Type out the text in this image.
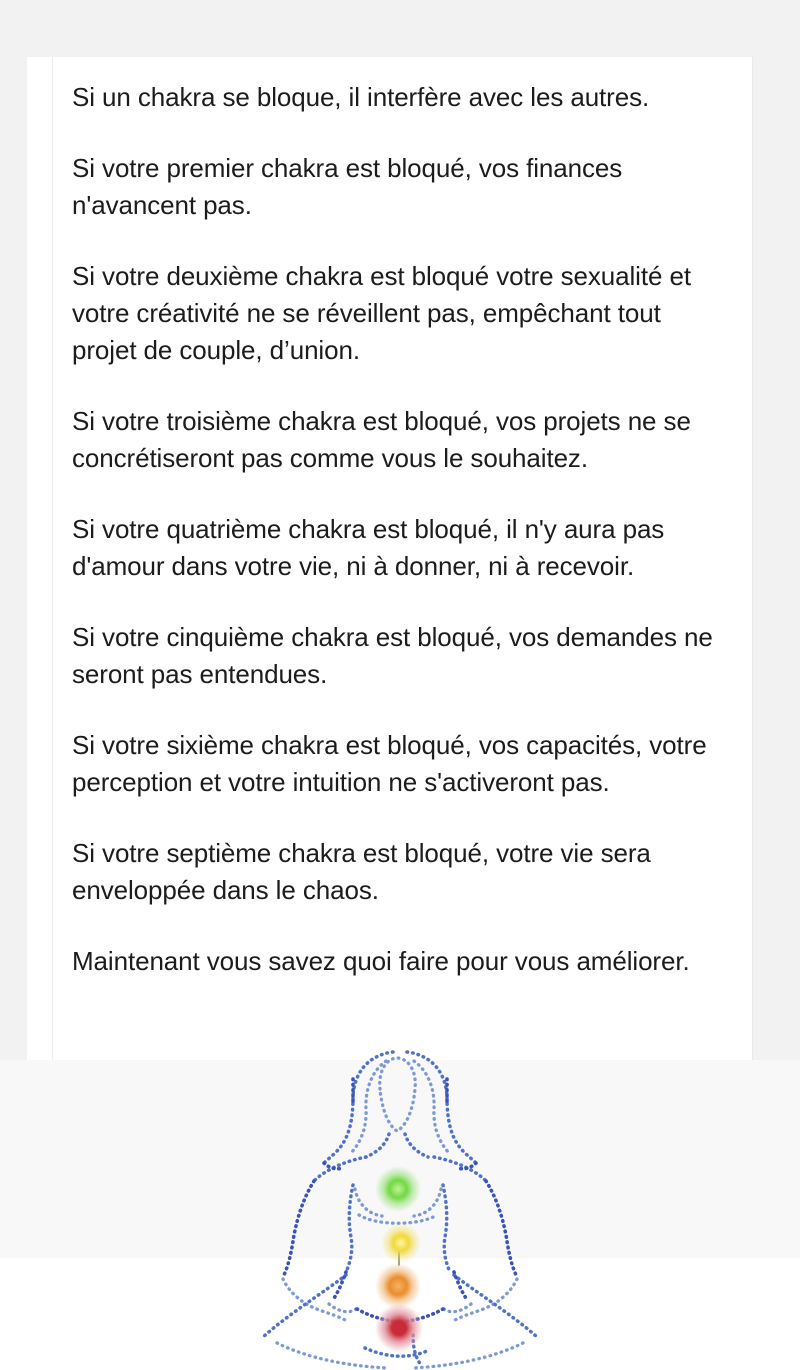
Si un chakra se bloque, il interfère avec les autres.

Si votre premier chakra est bloqué, vos finances n'avancent pas.

Si votre deuxième chakra est bloqué votre sexualité et votre créativité ne se réveillent pas, empêchant tout projet de couple, d’union.

Si votre troisième chakra est bloqué, vos projets ne se concrétiseront pas comme vous le souhaitez.

Si votre quatrième chakra est bloqué, il n'y aura pas d'amour dans votre vie, ni à donner, ni à recevoir.

Si votre cinquième chakra est bloqué, vos demandes ne seront pas entendues.

Si votre sixième chakra est bloqué, vos capacités, votre perception et votre intuition ne s'activeront pas.

Si votre septième chakra est bloqué, votre vie sera enveloppée dans le chaos.

Maintenant vous savez quoi faire pour vous améliorer.
